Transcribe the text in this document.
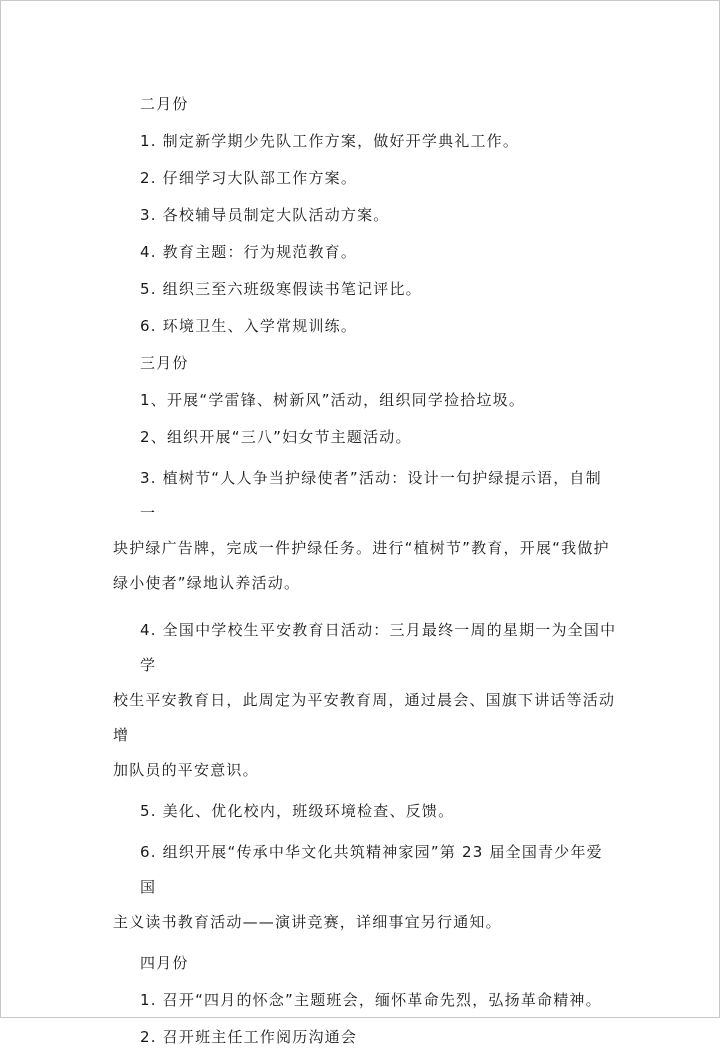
二月份

1. 制定新学期少先队工作方案，做好开学典礼工作。

2. 仔细学习大队部工作方案。

3. 各校辅导员制定大队活动方案。

4. 教育主题：行为规范教育。

5. 组织三至六班级寒假读书笔记评比。

6. 环境卫生、入学常规训练。

三月份

1、开展“学雷锋、树新风”活动，组织同学捡拾垃圾。

2、组织开展“三八”妇女节主题活动。

3. 植树节“人人争当护绿使者”活动：设计一句护绿提示语，自制一
块护绿广告牌，完成一件护绿任务。进行“植树节”教育，开展“我做护
绿小使者”绿地认养活动。
4. 全国中学校生平安教育日活动：三月最终一周的星期一为全国中学
校生平安教育日，此周定为平安教育周，通过晨会、国旗下讲话等活动增
加队员的平安意识。

5. 美化、优化校内，班级环境检查、反馈。

6. 组织开展“传承中华文化共筑精神家园”第 23 届全国青少年爱国
主义读书教育活动——演讲竞赛，详细事宜另行通知。

四月份

1. 召开“四月的怀念”主题班会，缅怀革命先烈，弘扬革命精神。

2. 召开班主任工作阅历沟通会
